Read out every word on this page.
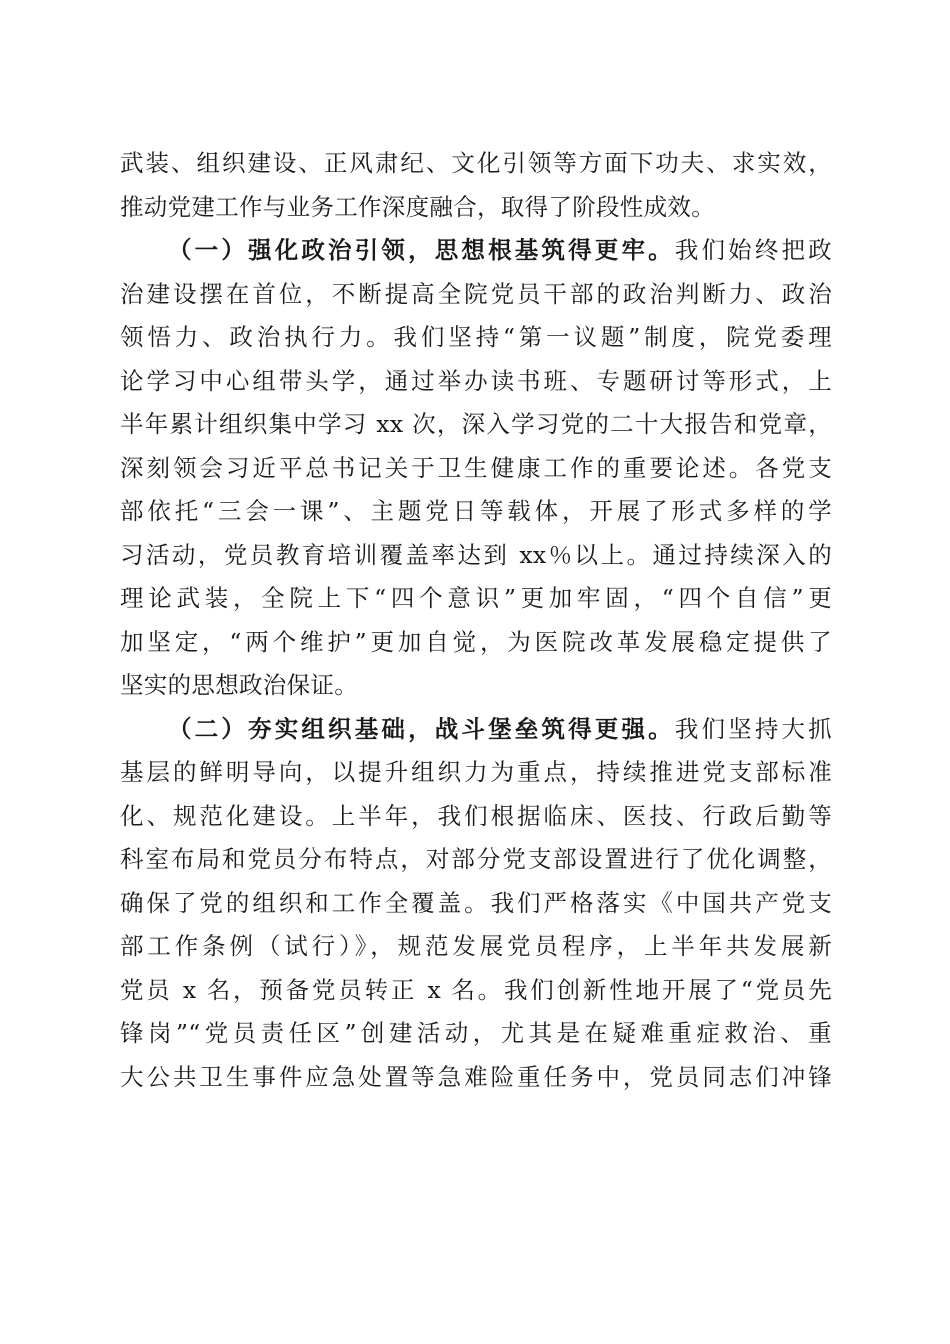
武装、组织建设、正风肃纪、文化引领等方面下功夫、求实效，
推动党建工作与业务工作深度融合，取得了阶段性成效。
（一）强化政治引领，思想根基筑得更牢。我们始终把政
治建设摆在首位，不断提高全院党员干部的政治判断力、政治
领悟力、政治执行力。我们坚持“第一议题”制度，院党委理
论学习中心组带头学，通过举办读书班、专题研讨等形式，上
半年累计组织集中学习 xx 次，深入学习党的二十大报告和党章，
深刻领会习近平总书记关于卫生健康工作的重要论述。各党支
部依托“三会一课”、主题党日等载体，开展了形式多样的学
习活动，党员教育培训覆盖率达到 xx％以上。通过持续深入的
理论武装，全院上下“四个意识”更加牢固，“四个自信”更
加坚定，“两个维护”更加自觉，为医院改革发展稳定提供了
坚实的思想政治保证。
（二）夯实组织基础，战斗堡垒筑得更强。我们坚持大抓
基层的鲜明导向，以提升组织力为重点，持续推进党支部标准
化、规范化建设。上半年，我们根据临床、医技、行政后勤等
科室布局和党员分布特点，对部分党支部设置进行了优化调整，
确保了党的组织和工作全覆盖。我们严格落实《中国共产党支
部工作条例（试行）》，规范发展党员程序，上半年共发展新
党员 x 名，预备党员转正 x 名。我们创新性地开展了“党员先
锋岗”“党员责任区”创建活动，尤其是在疑难重症救治、重
大公共卫生事件应急处置等急难险重任务中，党员同志们冲锋
